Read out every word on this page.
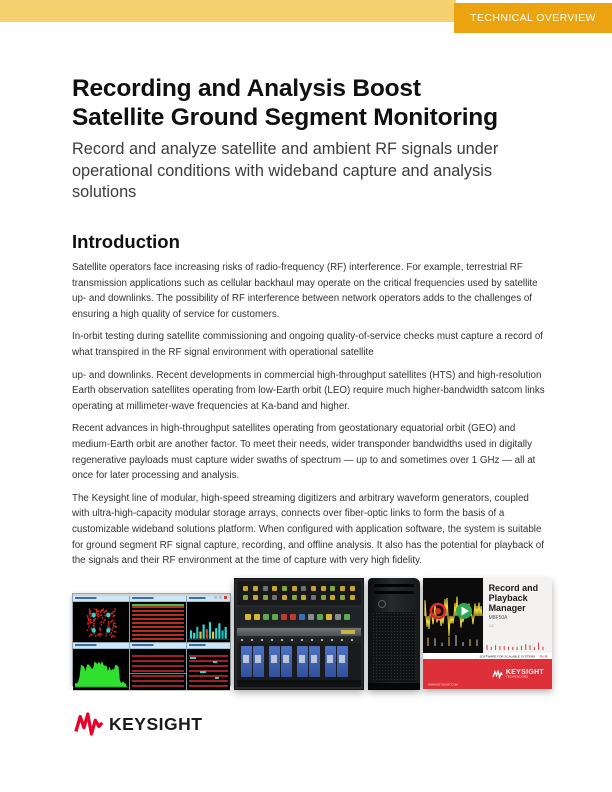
TECHNICAL OVERVIEW
Recording and Analysis Boost
Satellite Ground Segment Monitoring
Record and analyze satellite and ambient RF signals under operational conditions with wideband capture and analysis solutions
Introduction

Satellite operators face increasing risks of radio-frequency (RF) interference. For example, terrestrial RF transmission applications such as cellular backhaul may operate on the critical frequencies used by satellite up- and downlinks. The possibility of RF interference between network operators adds to the challenges of ensuring a high quality of service for customers.

In-orbit testing during satellite commissioning and ongoing quality-of-service checks must capture a record of what transpired in the RF signal environment with operational satellite

up- and downlinks. Recent developments in commercial high-throughput satellites (HTS) and high-resolution Earth observation satellites operating from low-Earth orbit (LEO) require much higher-bandwidth satcom links operating at millimeter-wave frequencies at Ka-band and higher.

Recent advances in high-throughput satellites operating from geostationary equatorial orbit (GEO) and medium-Earth orbit are another factor. To meet their needs, wider transponder bandwidths used in digitally regenerative payloads must capture wider swaths of spectrum — up to and sometimes over 1 GHz — all at once for later processing and analysis.

The Keysight line of modular, high-speed streaming digitizers and arbitrary waveform generators, coupled with ultra-high-capacity modular storage arrays, connects over fiber-optic links to form the basis of a customizable wideband solutions platform. When configured with application software, the system is suitable for ground segment RF signal capture, recording, and offline analysis. It also has the potential for playback of the signals and their RF environment at the time of capture with very high fidelity.

Record and
Playback
Manager
M8F50A
1.0
SOFTWARE FOR SCALABLE SYSTEMS PLUS
KEYSIGHT
TECHNOLOGIES
WWW.KEYSIGHT.COM
KEYSIGHT
